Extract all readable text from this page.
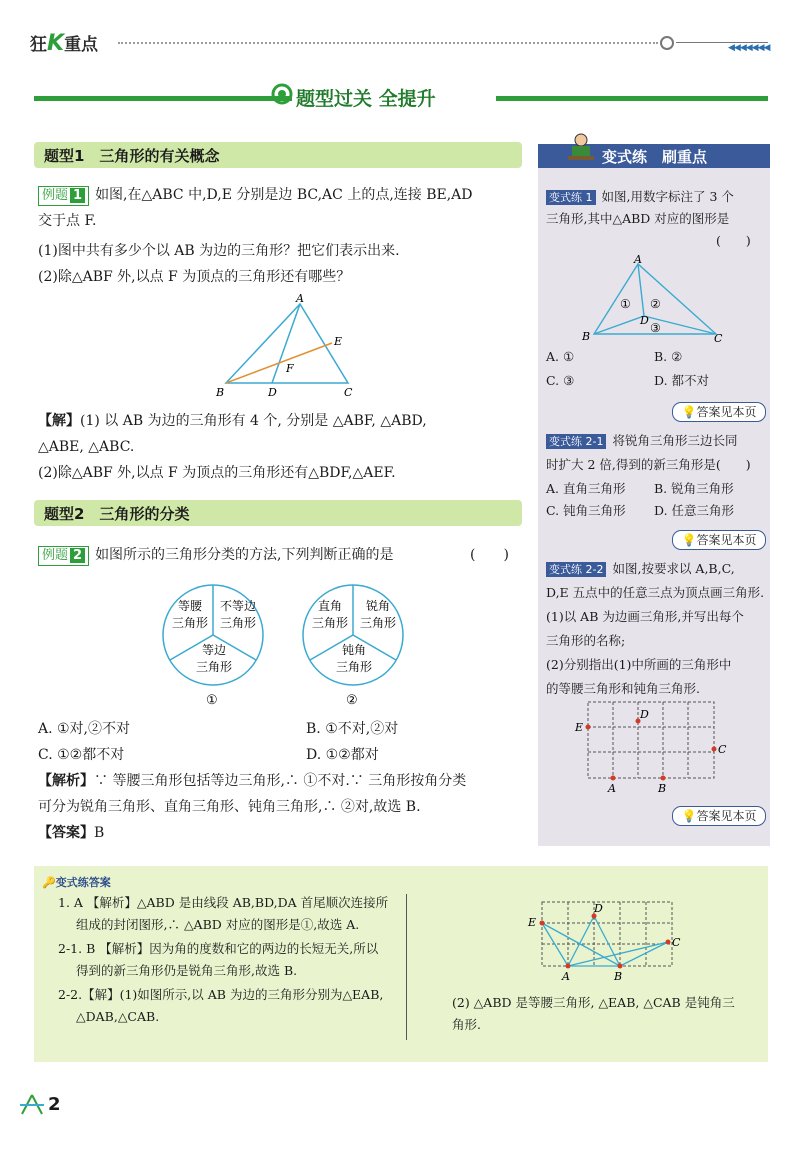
狂K重点	◀◀◀◀◀◀◀
题型过关 全提升
题型1　三角形的有关概念
例题 1 如图,在△ABC 中,D,E 分别是边 BC,AC 上的点,连接 BE,AD
交于点 F.
(1)图中共有多少个以 AB 为边的三角形？把它们表示出来.
(2)除△ABF 外,以点 F 为顶点的三角形还有哪些？
A
B	C
D
E
F
【解】(1) 以 AB 为边的三角形有 4 个, 分别是 △ABF, △ABD,
△ABE, △ABC.
(2)除△ABF 外,以点 F 为顶点的三角形还有△BDF,△AEF.
题型2　三角形的分类
例题 2 如图所示的三角形分类的方法,下列判断正确的是	(　　)
等腰
三角形
不等边
三角形
等边
三角形
①
直角
三角形
锐角
三角形
钝角
三角形
②
A. ①对,②不对	B. ①不对,②对
C. ①②都不对	D. ①②都对
【解析】∵ 等腰三角形包括等边三角形,∴ ①不对.∵ 三角形按角分类
可分为锐角三角形、直角三角形、钝角三角形,∴ ②对,故选 B.
【答案】B
变式练　刷重点
变式练 1 如图,用数字标注了 3 个
三角形,其中△ABD 对应的图形是
(　　)
A
B	C
D
① ②
③
A. ①	B. ②
C. ③	D. 都不对
💡答案见本页
变式练 2-1 将锐角三角形三边长同
时扩大 2 倍,得到的新三角形是(　　)
A. 直角三角形 B. 锐角三角形
C. 钝角三角形 D. 任意三角形
💡答案见本页
变式练 2-2 如图,按要求以 A,B,C,
D,E 五点中的任意三点为顶点画三角形.
(1)以 AB 为边画三角形,并写出每个
三角形的名称;
(2)分别指出(1)中所画的三角形中
的等腰三角形和钝角三角形.
E
D
C
A	B
💡答案见本页
🔑变式练答案
1. A 【解析】△ABD 是由线段 AB,BD,DA 首尾顺次连接所
组成的封闭图形,∴ △ABD 对应的图形是①,故选 A.
2-1. B 【解析】因为角的度数和它的两边的长短无关,所以
得到的新三角形仍是锐角三角形,故选 B.
2-2.【解】(1)如图所示,以 AB 为边的三角形分别为△EAB,
△DAB,△CAB.
E
D
C
A	B
(2) △ABD 是等腰三角形, △EAB, △CAB 是钝角三
角形.
2
